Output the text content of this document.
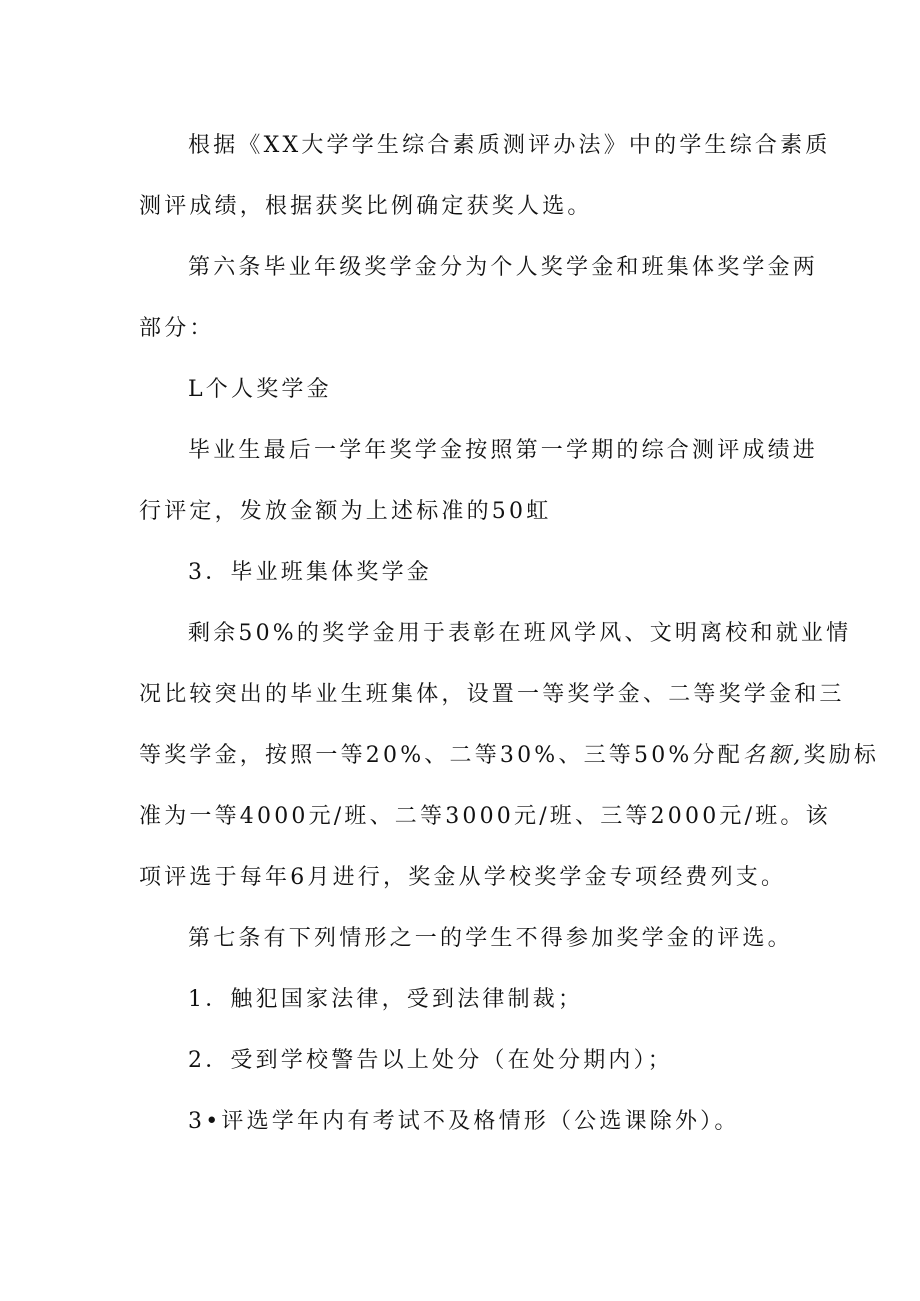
根据《XX大学学生综合素质测评办法》中的学生综合素质
测评成绩，根据获奖比例确定获奖人选。
第六条毕业年级奖学金分为个人奖学金和班集体奖学金两
部分：
L个人奖学金
毕业生最后一学年奖学金按照第一学期的综合测评成绩进
行评定，发放金额为上述标准的50虹
3．毕业班集体奖学金
剩余50%的奖学金用于表彰在班风学风、文明离校和就业情
况比较突出的毕业生班集体，设置一等奖学金、二等奖学金和三
等奖学金，按照一等20%、二等30%、三等50%分配名额,奖励标
准为一等4000元/班、二等3000元/班、三等2000元/班。该
项评选于每年6月进行，奖金从学校奖学金专项经费列支。
第七条有下列情形之一的学生不得参加奖学金的评选。
1．触犯国家法律，受到法律制裁；
2．受到学校警告以上处分（在处分期内）；
3•评选学年内有考试不及格情形（公选课除外）。
